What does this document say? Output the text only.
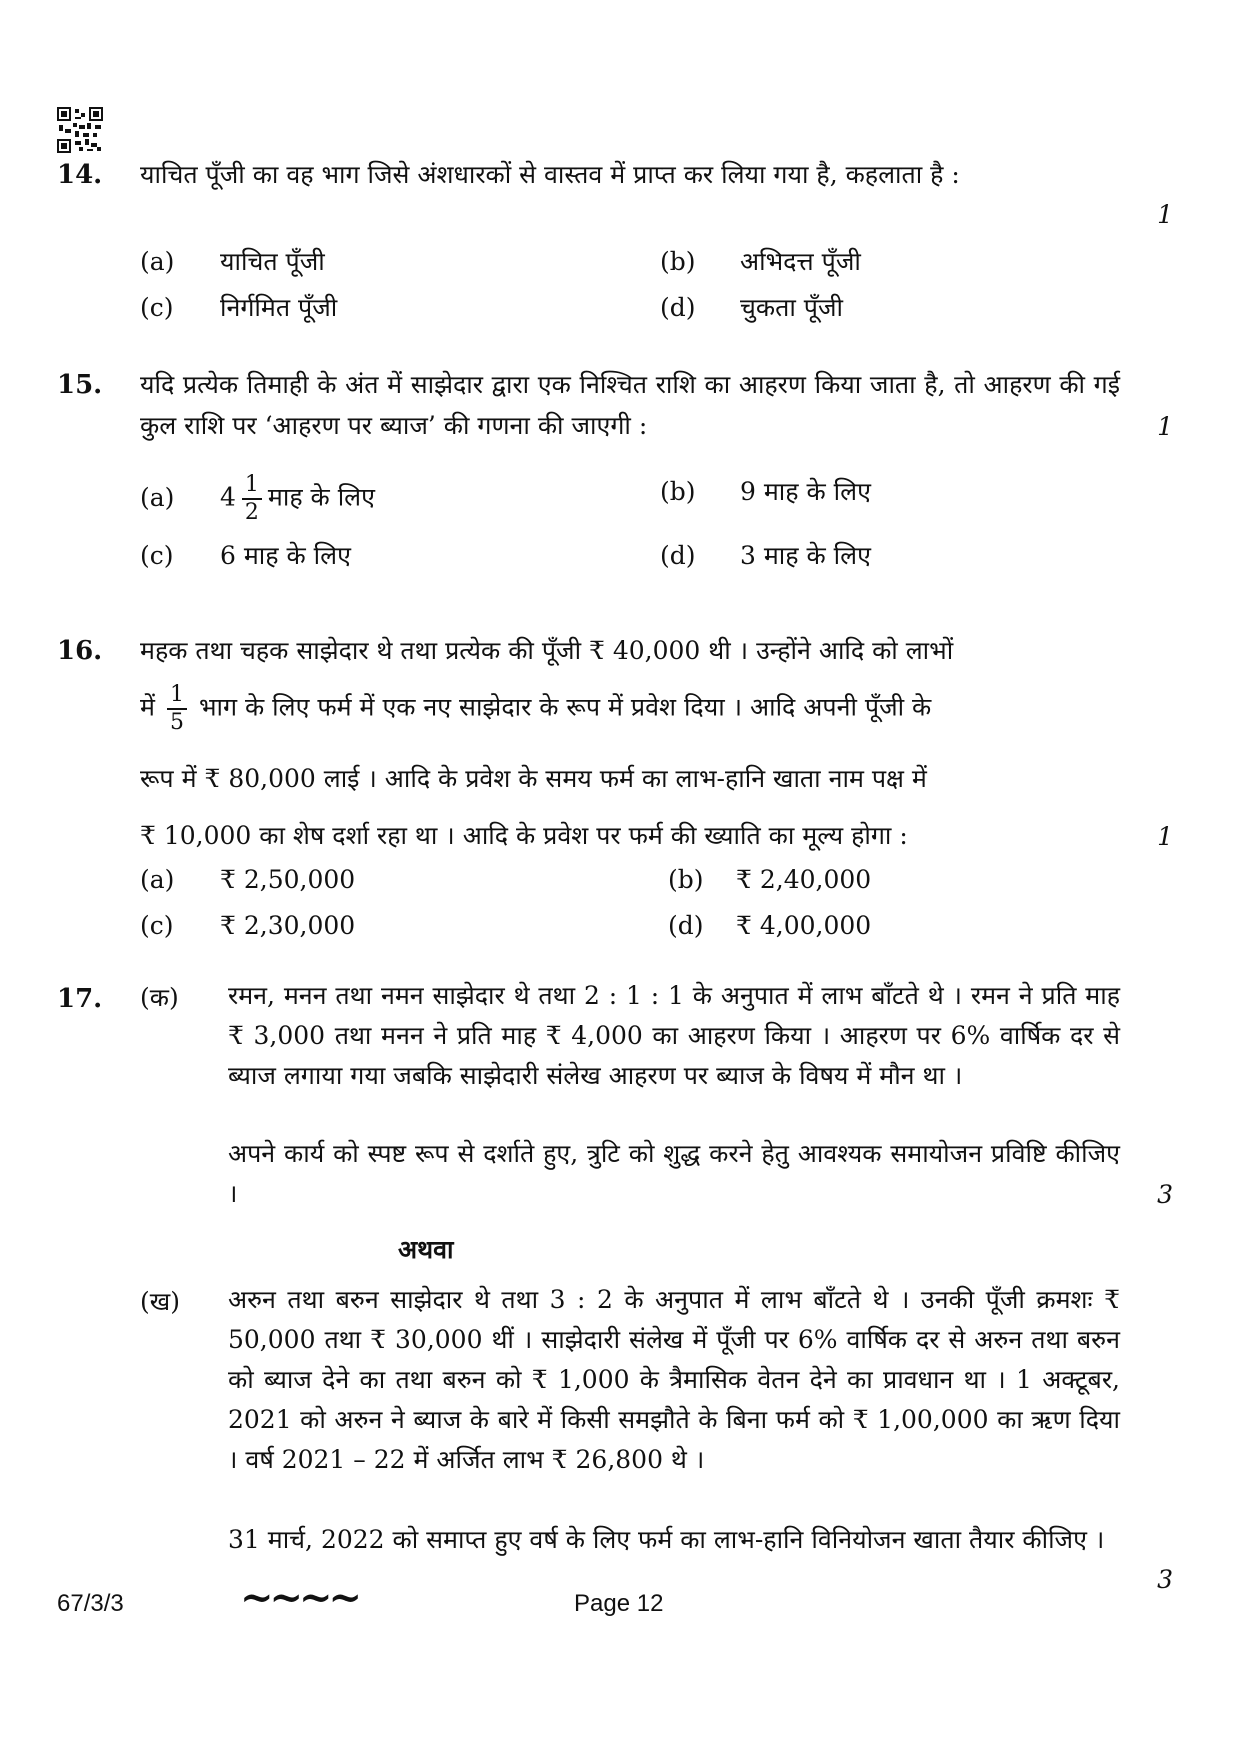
14. याचित पूँजी का वह भाग जिसे अंशधारकों से वास्तव में प्राप्त कर लिया गया है, कहलाता है :
1
(a) याचित पूँजी	(b) अभिदत्त पूँजी
(c) निर्गमित पूँजी	(d) चुकता पूँजी
15. यदि प्रत्येक तिमाही के अंत में साझेदार द्वारा एक निश्चित राशि का आहरण किया जाता है, तो आहरण की गई कुल राशि पर ‘आहरण पर ब्याज’ की गणना की जाएगी :	1
(a) $4 \frac{1}{2}$ माह के लिए	(b) 9 माह के लिए
(c) 6 माह के लिए	(d) 3 माह के लिए
16. महक तथा चहक साझेदार थे तथा प्रत्येक की पूँजी ₹ 40,000 थी । उन्होंने आदि को लाभों
में $\frac{1}{5}$ भाग के लिए फर्म में एक नए साझेदार के रूप में प्रवेश दिया । आदि अपनी पूँजी के
रूप में ₹ 80,000 लाई । आदि के प्रवेश के समय फर्म का लाभ-हानि खाता नाम पक्ष में
₹ 10,000 का शेष दर्शा रहा था । आदि के प्रवेश पर फर्म की ख्याति का मूल्य होगा :	1
(a) ₹ 2,50,000	(b) ₹ 2,40,000
(c) ₹ 2,30,000	(d) ₹ 4,00,000
17. (क) रमन, मनन तथा नमन साझेदार थे तथा 2 : 1 : 1 के अनुपात में लाभ बाँटते थे । रमन ने प्रति माह ₹ 3,000 तथा मनन ने प्रति माह ₹ 4,000 का आहरण किया । आहरण पर 6% वार्षिक दर से ब्याज लगाया गया जबकि साझेदारी संलेख आहरण पर ब्याज के विषय में मौन था ।
अपने कार्य को स्पष्ट रूप से दर्शाते हुए, त्रुटि को शुद्ध करने हेतु आवश्यक समायोजन प्रविष्टि कीजिए ।	3
अथवा
(ख) अरुन तथा बरुन साझेदार थे तथा 3 : 2 के अनुपात में लाभ बाँटते थे । उनकी पूँजी क्रमशः ₹ 50,000 तथा ₹ 30,000 थीं । साझेदारी संलेख में पूँजी पर 6% वार्षिक दर से अरुन तथा बरुन को ब्याज देने का तथा बरुन को ₹ 1,000 के त्रैमासिक वेतन देने का प्रावधान था । 1 अक्टूबर, 2021 को अरुन ने ब्याज के बारे में किसी समझौते के बिना फर्म को ₹ 1,00,000 का ऋण दिया । वर्ष 2021 – 22 में अर्जित लाभ ₹ 26,800 थे ।
31 मार्च, 2022 को समाप्त हुए वर्ष के लिए फर्म का लाभ-हानि विनियोजन खाता तैयार कीजिए ।
3
67/3/3	~~~~	Page 12
